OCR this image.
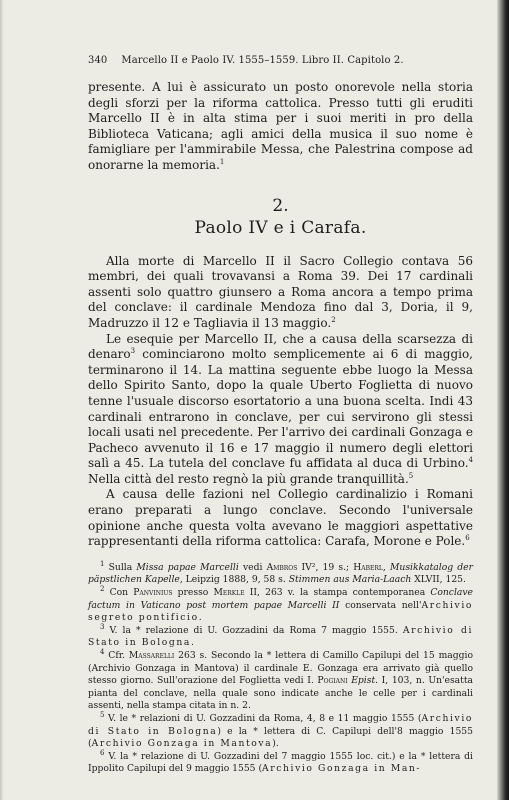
340 Marcello II e Paolo IV. 1555–1559. Libro II. Capitolo 2.

presente. A lui è assicurato un posto onorevole nella storia degli sforzi per la riforma cattolica. Presso tutti gli eruditi Marcello II è in alta stima per i suoi meriti in pro della Biblioteca Vaticana; agli amici della musica il suo nome è famigliare per l'ammirabile Messa, che Palestrina compose ad onorarne la memoria.$^1$

2.
Paolo IV e i Carafa.

Alla morte di Marcello II il Sacro Collegio contava 56 membri, dei quali trovavansi a Roma 39. Dei 17 cardinali assenti solo quattro giunsero a Roma ancora a tempo prima del conclave: il cardinale Mendoza fino dal 3, Doria, il 9, Madruzzo il 12 e Tagliavia il 13 maggio.$^2$

Le esequie per Marcello II, che a causa della scarsezza di denaro$^3$ cominciarono molto semplicemente ai 6 di maggio, terminarono il 14. La mattina seguente ebbe luogo la Messa dello Spirito Santo, dopo la quale Uberto Foglietta di nuovo tenne l'usuale discorso esortatorio a una buona scelta. Indi 43 cardinali entrarono in conclave, per cui servirono gli stessi locali usati nel precedente. Per l'arrivo dei cardinali Gonzaga e Pacheco avvenuto il 16 e 17 maggio il numero degli elettori salì a 45. La tutela del conclave fu affidata al duca di Urbino.$^4$ Nella città del resto regnò la più grande tranquillità.$^5$

A causa delle fazioni nel Collegio cardinalizio i Romani erano preparati a lungo conclave. Secondo l'universale opinione anche questa volta avevano le maggiori aspettative rappresentanti della riforma cattolica: Carafa, Morone e Pole.$^6$

$^1$ Sulla Missa papae Marcelli vedi Ambros IV², 19 s.; Haberl, Musikkatalog der päpstlichen Kapelle, Leipzig 1888, 9, 58 s. Stimmen aus Maria-Laach XLVII, 125.

$^2$ Con Panvinius presso Merkle II, 263 v. la stampa contemporanea Conclave factum in Vaticano post mortem papae Marcelli II conservata nell'Archivio segreto pontificio.

$^3$ V. la * relazione di U. Gozzadini da Roma 7 maggio 1555. Archivio di Stato in Bologna.

$^4$ Cfr. Massarelli 263 s. Secondo la * lettera di Camillo Capilupi del 15 maggio (Archivio Gonzaga in Mantova) il cardinale E. Gonzaga era arrivato già quello stesso giorno. Sull'orazione del Foglietta vedi I. Pogiani Epist. I, 103, n. Un'esatta pianta del conclave, nella quale sono indicate anche le celle per i cardinali assenti, nella stampa citata in n. 2.

$^5$ V. le * relazioni di U. Gozzadini da Roma, 4, 8 e 11 maggio 1555 (Archivio di Stato in Bologna) e la * lettera di C. Capilupi dell'8 maggio 1555 (Archivio Gonzaga in Mantova).

$^6$ V. la * relazione di U. Gozzadini del 7 maggio 1555 loc. cit.) e la * lettera di Ippolito Capilupi del 9 maggio 1555 (Archivio Gonzaga in Man-
